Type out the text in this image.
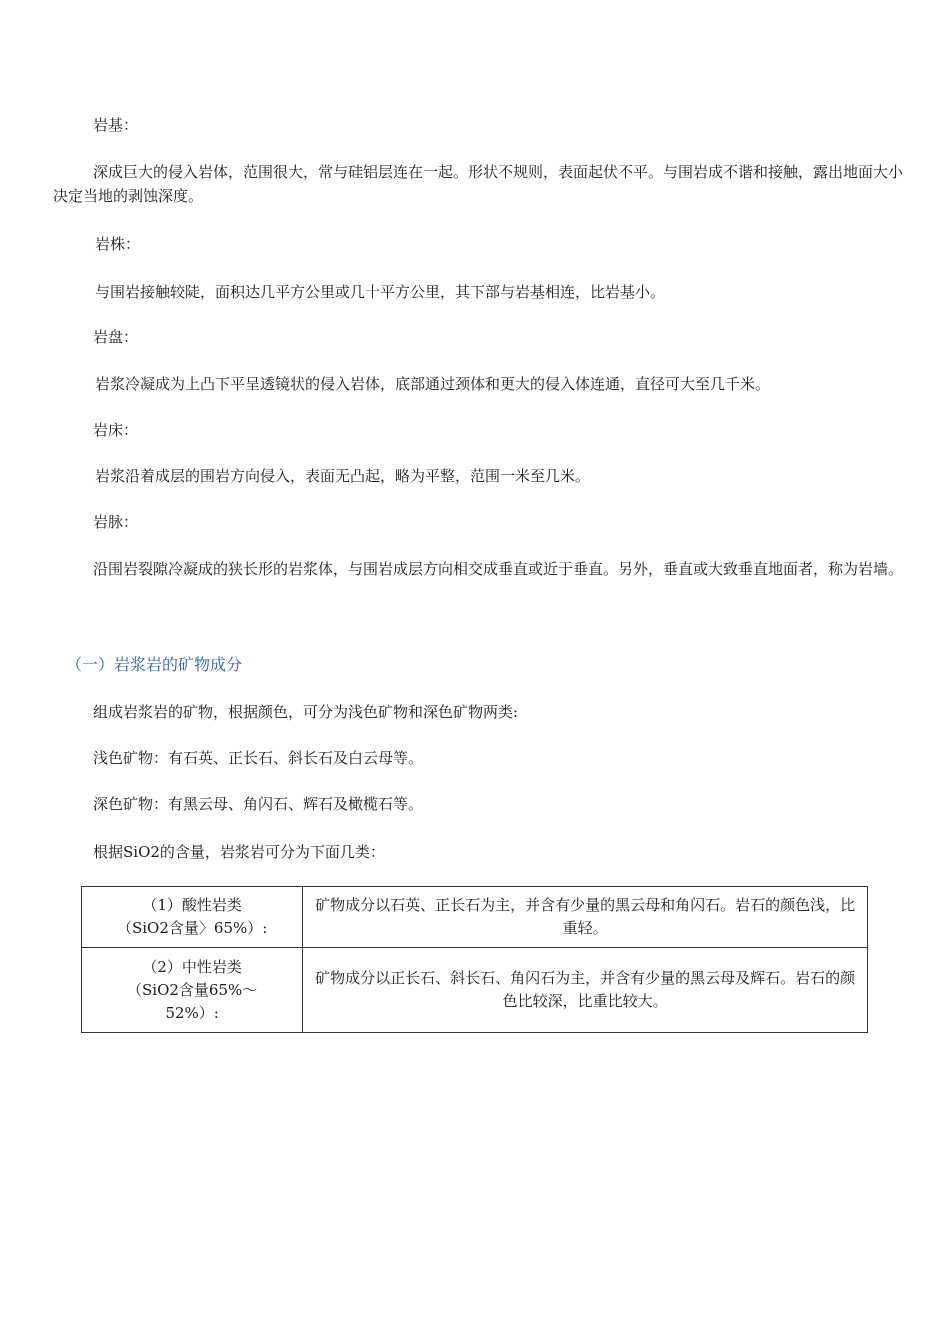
岩基：

深成巨大的侵入岩体，范围很大，常与硅铝层连在一起。形状不规则，表面起伏不平。与围岩成不谐和接触，露出地面大小决定当地的剥蚀深度。

岩株：

与围岩接触较陡，面积达几平方公里或几十平方公里，其下部与岩基相连，比岩基小。

岩盘：

岩浆冷凝成为上凸下平呈透镜状的侵入岩体，底部通过颈体和更大的侵入体连通，直径可大至几千米。

岩床：

岩浆沿着成层的围岩方向侵入，表面无凸起，略为平整，范围一米至几米。

岩脉：

沿围岩裂隙冷凝成的狭长形的岩浆体，与围岩成层方向相交成垂直或近于垂直。另外，垂直或大致垂直地面者，称为岩墙。

（一）岩浆岩的矿物成分

组成岩浆岩的矿物，根据颜色，可分为浅色矿物和深色矿物两类:

浅色矿物：有石英、正长石、斜长石及白云母等。

深色矿物：有黑云母、角闪石、辉石及橄榄石等。

根据SiO2的含量，岩浆岩可分为下面几类：

（1）酸性岩类
（SiO2含量〉65%）:	矿物成分以石英、正长石为主，并含有少量的黑云母和角闪石。岩石的颜色浅，比重轻。

（2）中性岩类
（SiO2含量65%～
52%）:	矿物成分以正长石、斜长石、角闪石为主，并含有少量的黑云母及辉石。岩石的颜色比较深，比重比较大。
